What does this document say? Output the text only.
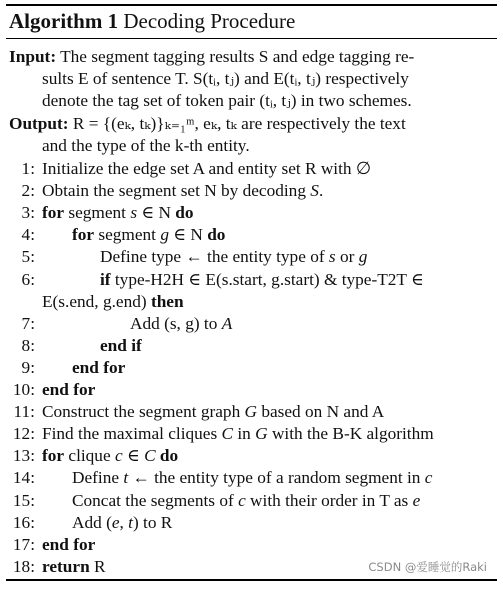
Algorithm 1 Decoding Procedure
Input: The segment tagging results S and edge tagging re-
sults E of sentence T. S(tᵢ, tⱼ) and E(tᵢ, tⱼ) respectively
denote the tag set of token pair (tᵢ, tⱼ) in two schemes.
Output: R = {(eₖ, tₖ)}ₖ₌₁ᵐ, eₖ, tₖ are respectively the text
and the type of the k-th entity.
1: Initialize the edge set A and entity set R with ∅
2: Obtain the segment set N by decoding S.
3: for segment s ∈ N do
4: for segment g ∈ N do
5:	Define type ← the entity type of s or g
6:	if type-H2H ∈ E(s.start, g.start) & type-T2T ∈
E(s.end, g.end) then
7:	Add (s, g) to A
8:	end if
9: end for
10: end for
11: Construct the segment graph G based on N and A
12: Find the maximal cliques C in G with the B-K algorithm
13: for clique c ∈ C do
14: Define t ← the entity type of a random segment in c
15: Concat the segments of c with their order in T as e
16: Add (e, t) to R
17: end for
18: return R	CSDN @爱睡觉的Raki
